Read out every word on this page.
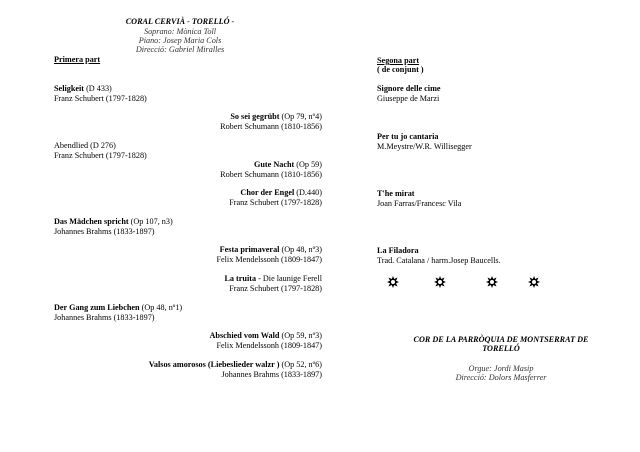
CORAL CERVIÀ - TORELLÓ -
Soprano: Mònica Toll
Piano: Josep Maria Cols
Direcció: Gabriel Miralles
Primera part
Seligkeit (D 433)
Franz Schubert (1797-1828)
So sei gegrübt (Op 79, nº4)
Robert Schumann (1810-1856)
Abendlied (D 276)
Franz Schubert (1797-1828)
Gute Nacht (Op 59)
Robert Schumann (1810-1856)
Chor der Engel (D.440)
Franz Schubert (1797-1828)
Das Mädchen spricht (Op 107, n3)
Johannes Brahms (1833-1897)
Festa primaveral (Op 48, nº3)
Felix Mendelssonh (1809-1847)
La truita - Die launige Ferell
Franz Schubert (1797-1828)
Der Gang zum Liebchen (Op 48, nº1)
Johannes Brahms (1833-1897)
Abschied vom Wald (Op 59, nº3)
Felix Mendelssonh (1809-1847)
Valsos amorosos (Liebeslieder walzr ) (Op 52, nº6)
Johannes Brahms (1833-1897)
Segona part
( de conjunt )
Signore delle cime
Giuseppe de Marzi
Per tu jo cantaria
M.Meystre/W.R. Willisegger
T'he mirat
Joan Farras/Francesc Vila
La Filadora
Trad. Catalana / harm.Josep Baucells.
COR DE LA PARRÒQUIA DE MONTSERRAT DE
TORELLÓ
Orgue: Jordi Masip
Direcció: Dolors Masferrer
